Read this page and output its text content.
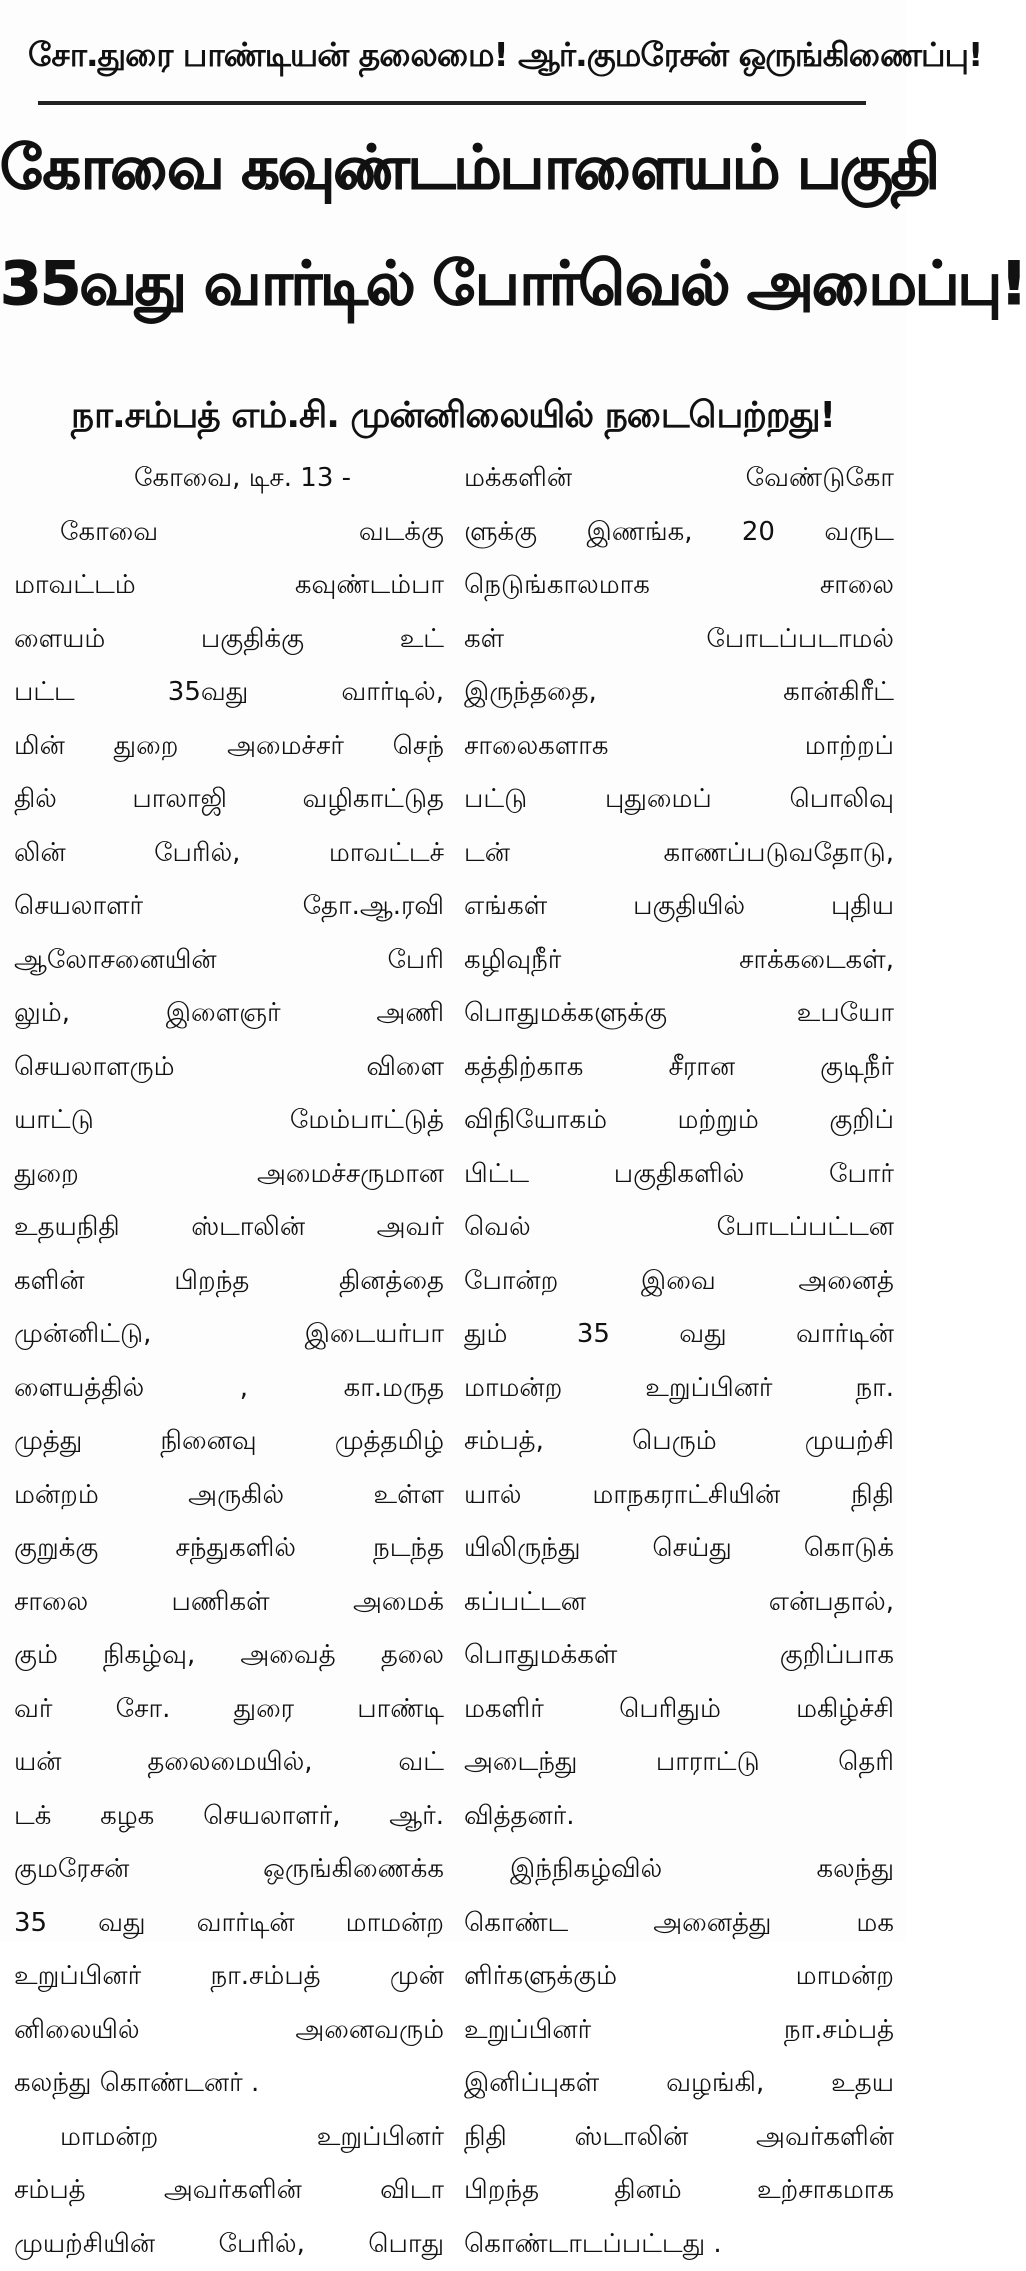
சோ.துரை பாண்டியன் தலைமை! ஆர்.குமரேசன் ஒருங்கிணைப்பு!
கோவை கவுண்டம்பாளையம் பகுதி
35வது வார்டில் போர்வெல் அமைப்பு!
நா.சம்பத் எம்.சி. முன்னிலையில் நடைபெற்றது!
கோவை, டிச. 13 -
கோவை வடக்கு
மாவட்டம் கவுண்டம்பா
ளையம் பகுதிக்கு உட்
பட்ட 35வது வார்டில்,
மின் துறை அமைச்சர் செந்
தில் பாலாஜி வழிகாட்டுத
லின் பேரில், மாவட்டச்
செயலாளர் தோ.ஆ.ரவி
ஆலோசனையின் பேரி
லும், இளைஞர் அணி
செயலாளரும் விளை
யாட்டு மேம்பாட்டுத்
துறை அமைச்சருமான
உதயநிதி ஸ்டாலின் அவர்
களின் பிறந்த தினத்தை
முன்னிட்டு, இடையர்பா
ளையத்தில் , கா.மருத
முத்து நினைவு முத்தமிழ்
மன்றம் அருகில் உள்ள
குறுக்கு சந்துகளில் நடந்த
சாலை பணிகள் அமைக்
கும் நிகழ்வு, அவைத் தலை
வர் சோ. துரை பாண்டி
யன் தலைமையில், வட்
டக் கழக செயலாளர், ஆர்.
குமரேசன் ஒருங்கிணைக்க
35 வது வார்டின் மாமன்ற
உறுப்பினர் நா.சம்பத் முன்
னிலையில் அனைவரும்
கலந்து கொண்டனர் .
மாமன்ற உறுப்பினர்
சம்பத் அவர்களின் விடா
முயற்சியின் பேரில், பொது
மக்களின் வேண்டுகோ
ளுக்கு இணங்க, 20 வருட
நெடுங்காலமாக சாலை
கள் போடப்படாமல்
இருந்ததை, கான்கிரீட்
சாலைகளாக மாற்றப்
பட்டு புதுமைப் பொலிவு
டன் காணப்படுவதோடு,
எங்கள் பகுதியில் புதிய
கழிவுநீர் சாக்கடைகள்,
பொதுமக்களுக்கு உபயோ
கத்திற்காக சீரான குடிநீர்
விநியோகம் மற்றும் குறிப்
பிட்ட பகுதிகளில் போர்
வெல் போடப்பட்டன
போன்ற இவை அனைத்
தும் 35 வது வார்டின்
மாமன்ற உறுப்பினர் நா.
சம்பத், பெரும் முயற்சி
யால் மாநகராட்சியின் நிதி
யிலிருந்து செய்து கொடுக்
கப்பட்டன என்பதால்,
பொதுமக்கள் குறிப்பாக
மகளிர் பெரிதும் மகிழ்ச்சி
அடைந்து பாராட்டு தெரி
வித்தனர்.
இந்நிகழ்வில் கலந்து
கொண்ட அனைத்து மக
ளிர்களுக்கும் மாமன்ற
உறுப்பினர் நா.சம்பத்
இனிப்புகள் வழங்கி, உதய
நிதி ஸ்டாலின் அவர்களின்
பிறந்த தினம் உற்சாகமாக
கொண்டாடப்பட்டது .
